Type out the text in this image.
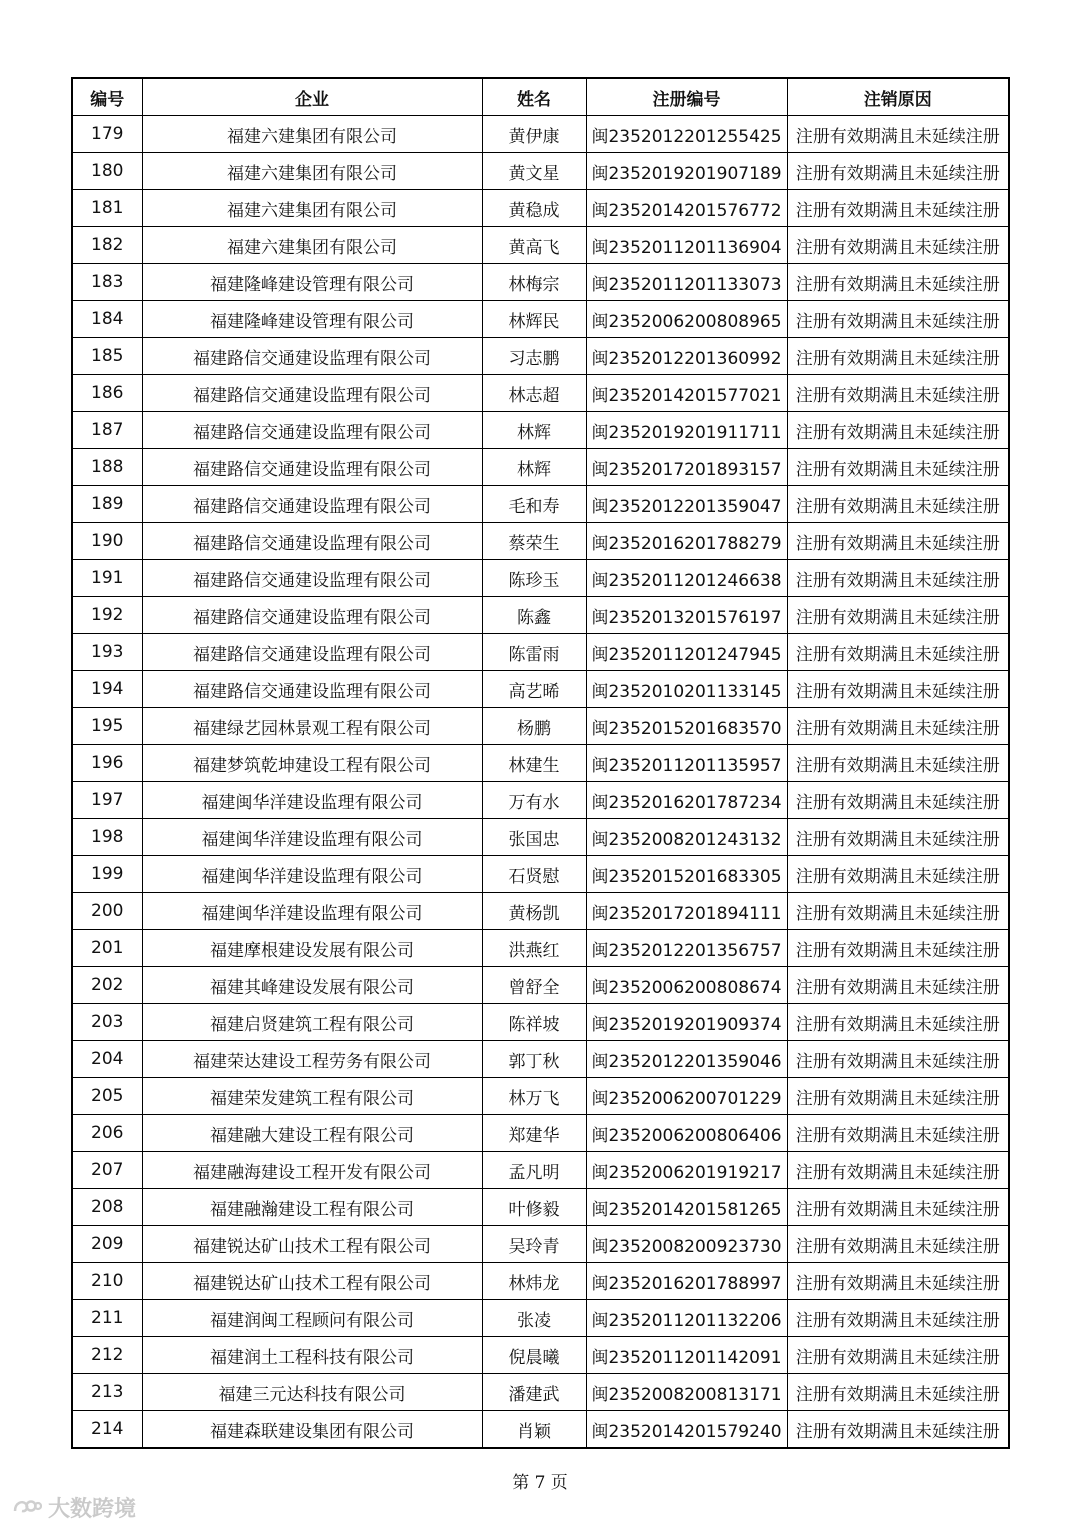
编号	企业	姓名	注册编号	注销原因
179	福建六建集团有限公司	黄伊康	闽2352012201255425	注册有效期满且未延续注册
180	福建六建集团有限公司	黄文星	闽2352019201907189	注册有效期满且未延续注册
181	福建六建集团有限公司	黄稳成	闽2352014201576772	注册有效期满且未延续注册
182	福建六建集团有限公司	黄高飞	闽2352011201136904	注册有效期满且未延续注册
183	福建隆峰建设管理有限公司	林梅宗	闽2352011201133073	注册有效期满且未延续注册
184	福建隆峰建设管理有限公司	林辉民	闽2352006200808965	注册有效期满且未延续注册
185	福建路信交通建设监理有限公司	习志鹏	闽2352012201360992	注册有效期满且未延续注册
186	福建路信交通建设监理有限公司	林志超	闽2352014201577021	注册有效期满且未延续注册
187	福建路信交通建设监理有限公司	林辉	闽2352019201911711	注册有效期满且未延续注册
188	福建路信交通建设监理有限公司	林辉	闽2352017201893157	注册有效期满且未延续注册
189	福建路信交通建设监理有限公司	毛和寿	闽2352012201359047	注册有效期满且未延续注册
190	福建路信交通建设监理有限公司	蔡荣生	闽2352016201788279	注册有效期满且未延续注册
191	福建路信交通建设监理有限公司	陈珍玉	闽2352011201246638	注册有效期满且未延续注册
192	福建路信交通建设监理有限公司	陈鑫	闽2352013201576197	注册有效期满且未延续注册
193	福建路信交通建设监理有限公司	陈雷雨	闽2352011201247945	注册有效期满且未延续注册
194	福建路信交通建设监理有限公司	高艺晞	闽2352010201133145	注册有效期满且未延续注册
195	福建绿艺园林景观工程有限公司	杨鹏	闽2352015201683570	注册有效期满且未延续注册
196	福建梦筑乾坤建设工程有限公司	林建生	闽2352011201135957	注册有效期满且未延续注册
197	福建闽华洋建设监理有限公司	万有水	闽2352016201787234	注册有效期满且未延续注册
198	福建闽华洋建设监理有限公司	张国忠	闽2352008201243132	注册有效期满且未延续注册
199	福建闽华洋建设监理有限公司	石贤慰	闽2352015201683305	注册有效期满且未延续注册
200	福建闽华洋建设监理有限公司	黄杨凯	闽2352017201894111	注册有效期满且未延续注册
201	福建摩根建设发展有限公司	洪燕红	闽2352012201356757	注册有效期满且未延续注册
202	福建其峰建设发展有限公司	曾舒全	闽2352006200808674	注册有效期满且未延续注册
203	福建启贤建筑工程有限公司	陈祥坡	闽2352019201909374	注册有效期满且未延续注册
204	福建荣达建设工程劳务有限公司	郭丁秋	闽2352012201359046	注册有效期满且未延续注册
205	福建荣发建筑工程有限公司	林万飞	闽2352006200701229	注册有效期满且未延续注册
206	福建融大建设工程有限公司	郑建华	闽2352006200806406	注册有效期满且未延续注册
207	福建融海建设工程开发有限公司	孟凡明	闽2352006201919217	注册有效期满且未延续注册
208	福建融瀚建设工程有限公司	叶修毅	闽2352014201581265	注册有效期满且未延续注册
209	福建锐达矿山技术工程有限公司	吴玲青	闽2352008200923730	注册有效期满且未延续注册
210	福建锐达矿山技术工程有限公司	林炜龙	闽2352016201788997	注册有效期满且未延续注册
211	福建润闽工程顾问有限公司	张凌	闽2352011201132206	注册有效期满且未延续注册
212	福建润土工程科技有限公司	倪晨曦	闽2352011201142091	注册有效期满且未延续注册
213	福建三元达科技有限公司	潘建武	闽2352008200813171	注册有效期满且未延续注册
214	福建森联建设集团有限公司	肖颖	闽2352014201579240	注册有效期满且未延续注册
第 7 页
大数跨境
